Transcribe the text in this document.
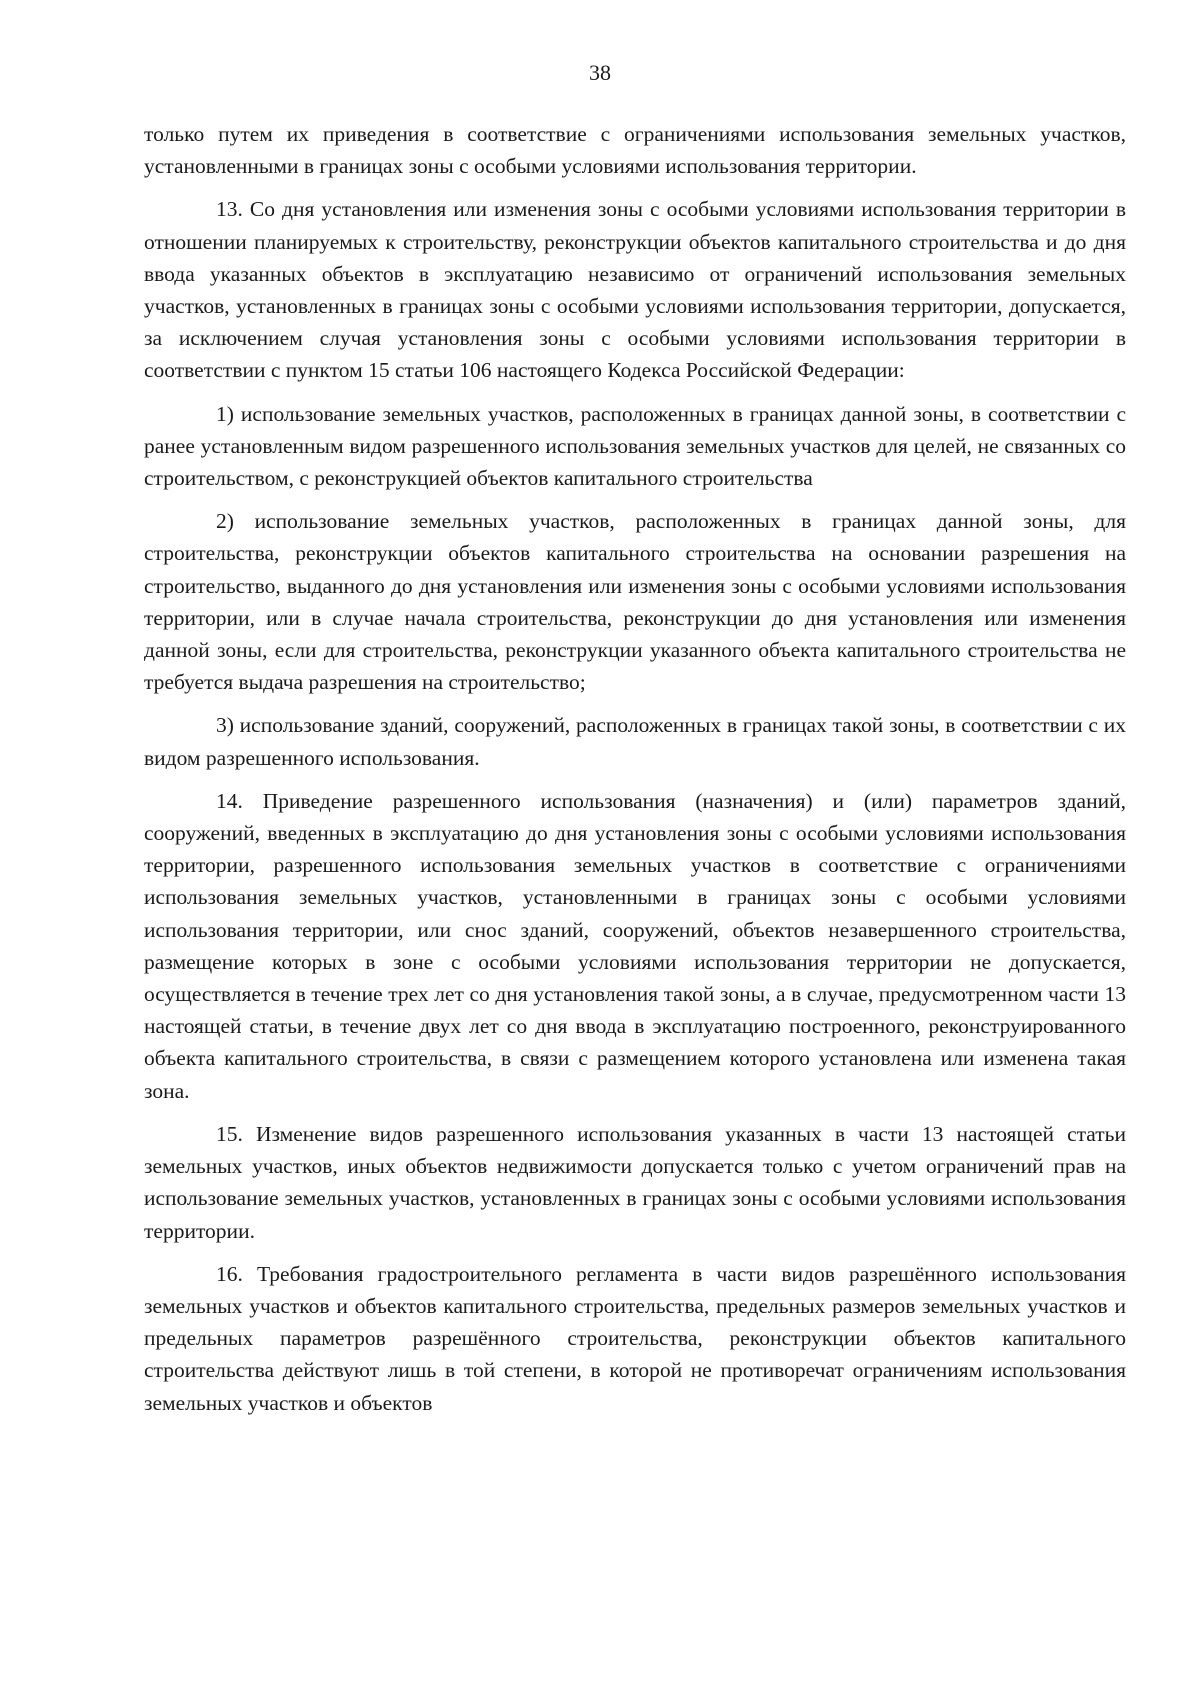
38

только путем их приведения в соответствие с ограничениями использования земельных участков, установленными в границах зоны с особыми условиями использования территории.

13. Со дня установления или изменения зоны с особыми условиями использования территории в отношении планируемых к строительству, реконструкции объектов капитального строительства и до дня ввода указанных объектов в эксплуатацию независимо от ограничений использования земельных участков, установленных в границах зоны с особыми условиями использования территории, допускается, за исключением случая установления зоны с особыми условиями использования территории в соответствии с пунктом 15 статьи 106 настоящего Кодекса Российской Федерации:

1) использование земельных участков, расположенных в границах данной зоны, в соответствии с ранее установленным видом разрешенного использования земельных участков для целей, не связанных со строительством, с реконструкцией объектов капитального строительства

2) использование земельных участков, расположенных в границах данной зоны, для строительства, реконструкции объектов капитального строительства на основании разрешения на строительство, выданного до дня установления или изменения зоны с особыми условиями использования территории, или в случае начала строительства, реконструкции до дня установления или изменения данной зоны, если для строительства, реконструкции указанного объекта капитального строительства не требуется выдача разрешения на строительство;

3) использование зданий, сооружений, расположенных в границах такой зоны, в соответствии с их видом разрешенного использования.

14. Приведение разрешенного использования (назначения) и (или) параметров зданий, сооружений, введенных в эксплуатацию до дня установления зоны с особыми условиями использования территории, разрешенного использования земельных участков в соответствие с ограничениями использования земельных участков, установленными в границах зоны с особыми условиями использования территории, или снос зданий, сооружений, объектов незавершенного строительства, размещение которых в зоне с особыми условиями использования территории не допускается, осуществляется в течение трех лет со дня установления такой зоны, а в случае, предусмотренном части 13 настоящей статьи, в течение двух лет со дня ввода в эксплуатацию построенного, реконструированного объекта капитального строительства, в связи с размещением которого установлена или изменена такая зона.

15. Изменение видов разрешенного использования указанных в части 13 настоящей статьи земельных участков, иных объектов недвижимости допускается только с учетом ограничений прав на использование земельных участков, установленных в границах зоны с особыми условиями использования территории.

16. Требования градостроительного регламента в части видов разрешённого использования земельных участков и объектов капитального строительства, предельных размеров земельных участков и предельных параметров разрешённого строительства, реконструкции объектов капитального строительства действуют лишь в той степени, в которой не противоречат ограничениям использования земельных участков и объектов
